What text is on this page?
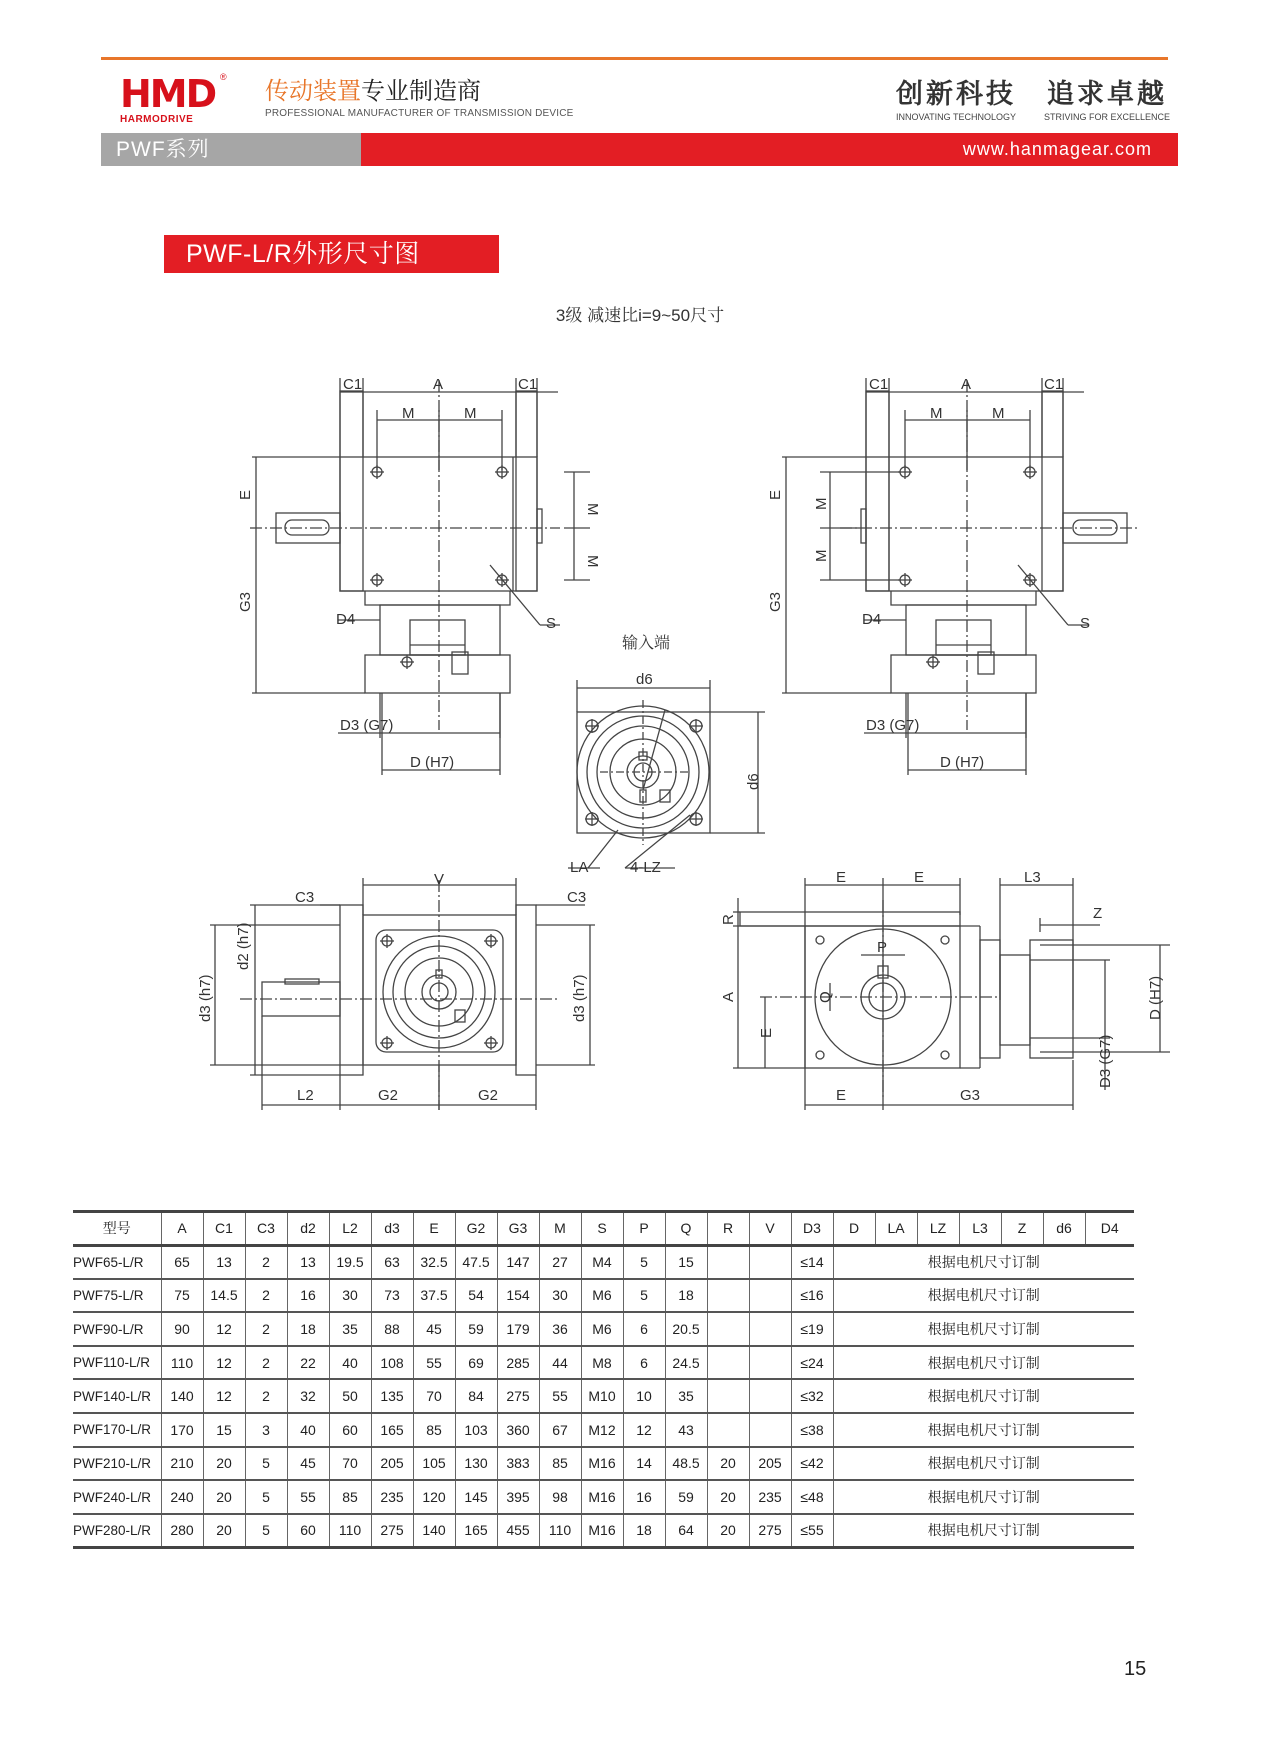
HMD
HARMODRIVE
®
传动装置专业制造商
PROFESSIONAL MANUFACTURER OF TRANSMISSION DEVICE
创新科技
INNOVATING TECHNOLOGY
追求卓越
STRIVING FOR EXCELLENCE
PWF系列	www.hanmagear.com
PWF-L/R外形尺寸图
3级 减速比i=9~50尺寸
C1	A	C1
M	M
E
G3
M
M
D4	S
D3 (G7)
D (H7)
C1	A	C1
M	M
E
G3
M
M
D4	S
D3 (G7)
D (H7)
输入端
d6
d6
LA	4-LZ
V
C3	C3
d2 (h7)
d3 (h7)	d3 (h7)
L2	G2	G2
E	E	L3
Z
R
A
E
P
Q	D (H7)
D3 (G7)
E	G3
型号	A	C1	C3	d2	L2	d3	E	G2	G3	M	S	P	Q	R	V	D3	D	LA	LZ	L3	Z	d6	D4
PWF65-L/R	65	13	2	13	19.5	63	32.5	47.5	147	27	M4	5	15			≤14	根据电机尺寸订制						
PWF75-L/R	75	14.5	2	16	30	73	37.5	54	154	30	M6	5	18			≤16	根据电机尺寸订制						
PWF90-L/R	90	12	2	18	35	88	45	59	179	36	M6	6	20.5			≤19	根据电机尺寸订制						
PWF110-L/R	110	12	2	22	40	108	55	69	285	44	M8	6	24.5			≤24	根据电机尺寸订制						
PWF140-L/R	140	12	2	32	50	135	70	84	275	55	M10	10	35			≤32	根据电机尺寸订制						
PWF170-L/R	170	15	3	40	60	165	85	103	360	67	M12	12	43			≤38	根据电机尺寸订制						
PWF210-L/R	210	20	5	45	70	205	105	130	383	85	M16	14	48.5	20	205	≤42	根据电机尺寸订制						
PWF240-L/R	240	20	5	55	85	235	120	145	395	98	M16	16	59	20	235	≤48	根据电机尺寸订制						
PWF280-L/R	280	20	5	60	110	275	140	165	455	110	M16	18	64	20	275	≤55	根据电机尺寸订制						
15
